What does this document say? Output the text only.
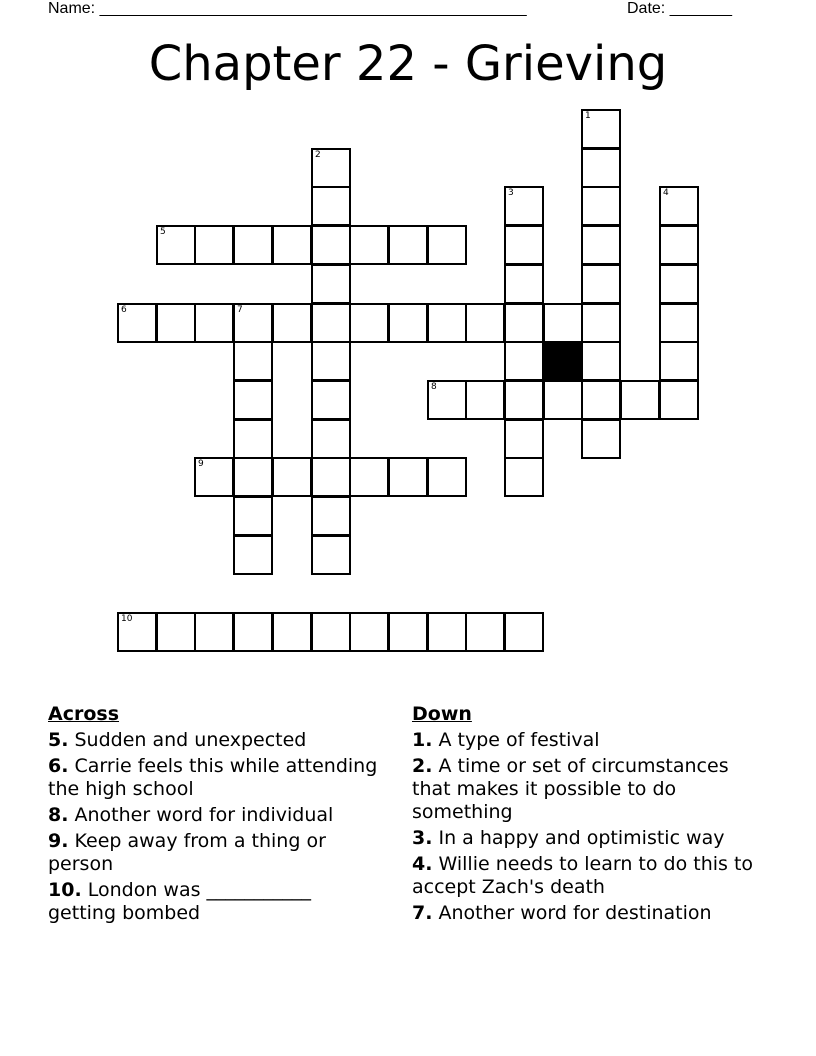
Name: ________________________________________________	Date: _______
Chapter 22 - Grieving
1
2
3	4
5
6	7
8
9
10
Across
5. Sudden and unexpected
6. Carrie feels this while attending the high school
8. Another word for individual
9. Keep away from a thing or person
10. London was ___________ getting bombed
Down
1. A type of festival
2. A time or set of circumstances that makes it possible to do something
3. In a happy and optimistic way
4. Willie needs to learn to do this to accept Zach's death
7. Another word for destination
